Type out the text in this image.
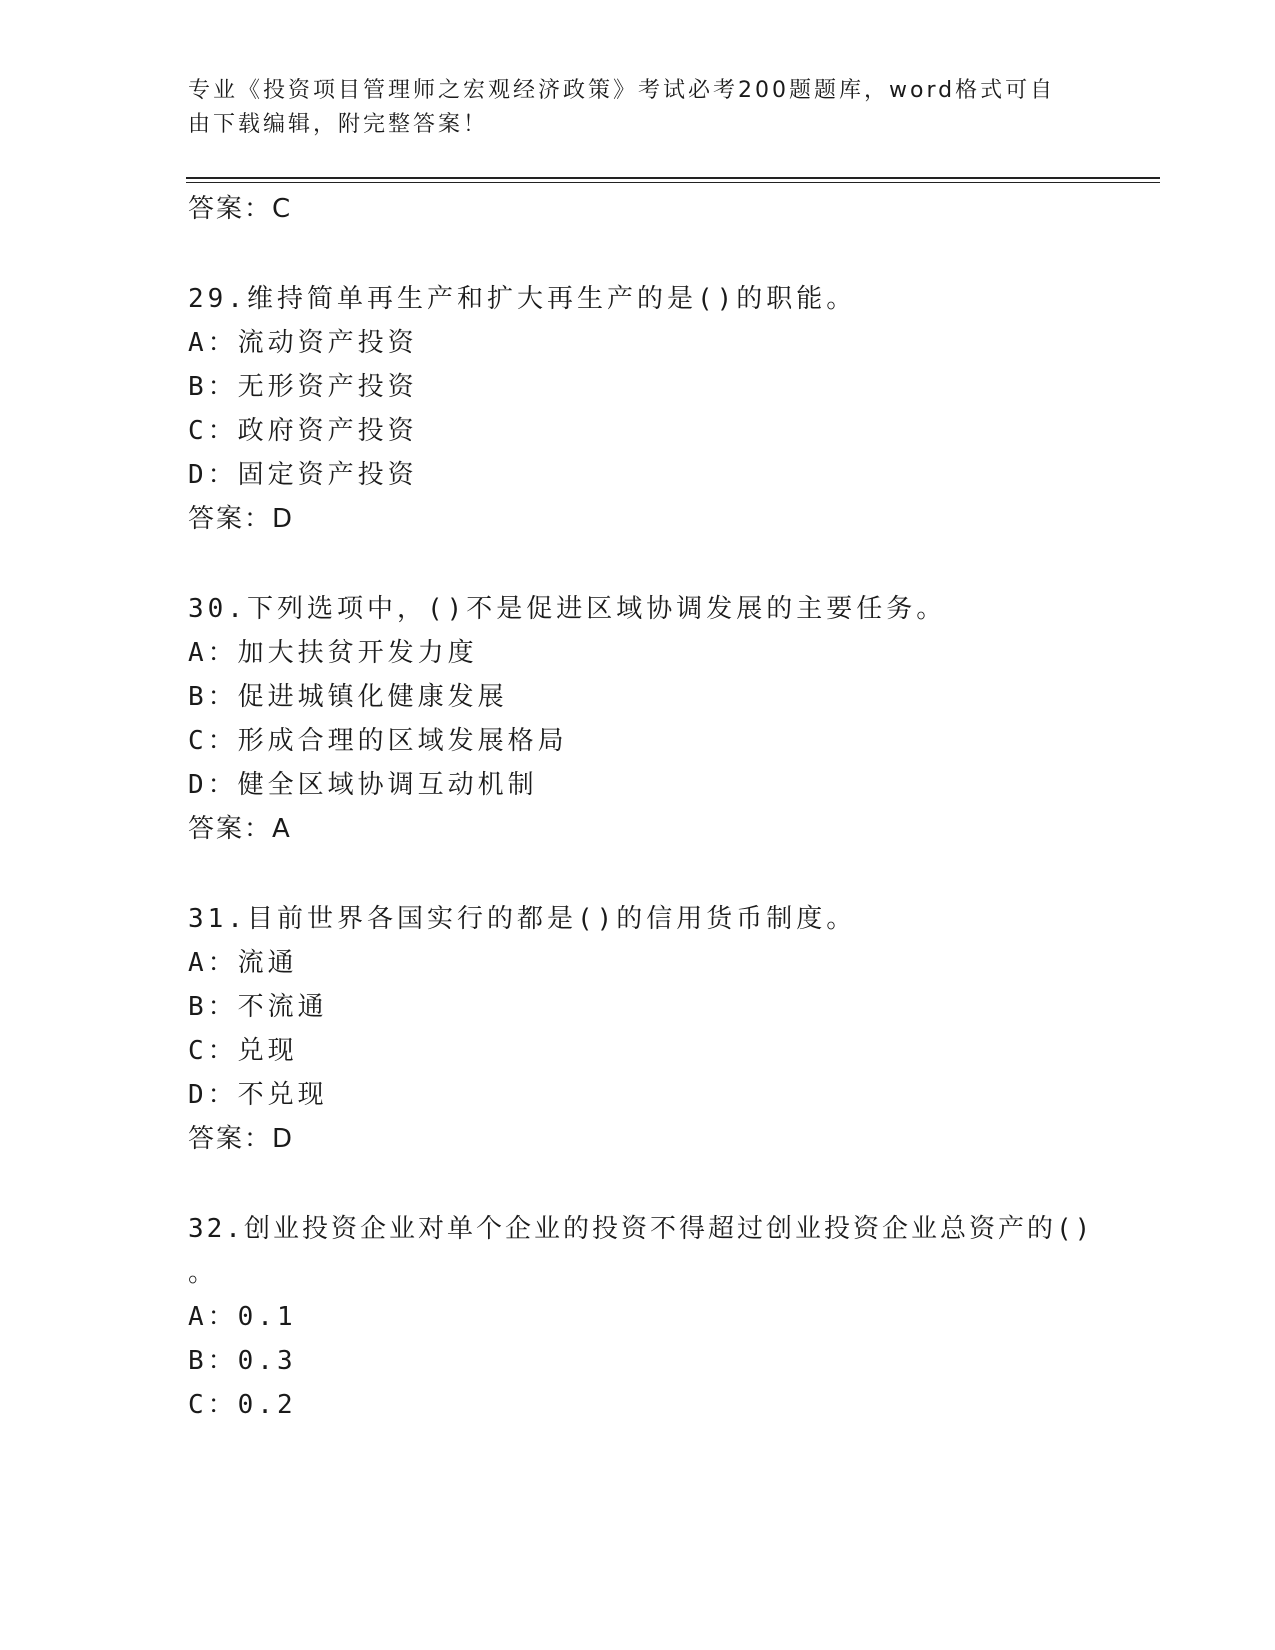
专业《投资项目管理师之宏观经济政策》考试必考200题题库，word格式可自由下载编辑，附完整答案！
答案：C
29.维持简单再生产和扩大再生产的是()的职能。
A：流动资产投资
B：无形资产投资
C：政府资产投资
D：固定资产投资
答案：D
30.下列选项中，()不是促进区域协调发展的主要任务。
A：加大扶贫开发力度
B：促进城镇化健康发展
C：形成合理的区域发展格局
D：健全区域协调互动机制
答案：A
31.目前世界各国实行的都是()的信用货币制度。
A：流通
B：不流通
C：兑现
D：不兑现
答案：D
32.创业投资企业对单个企业的投资不得超过创业投资企业总资产的()
。
A：0.1
B：0.3
C：0.2
